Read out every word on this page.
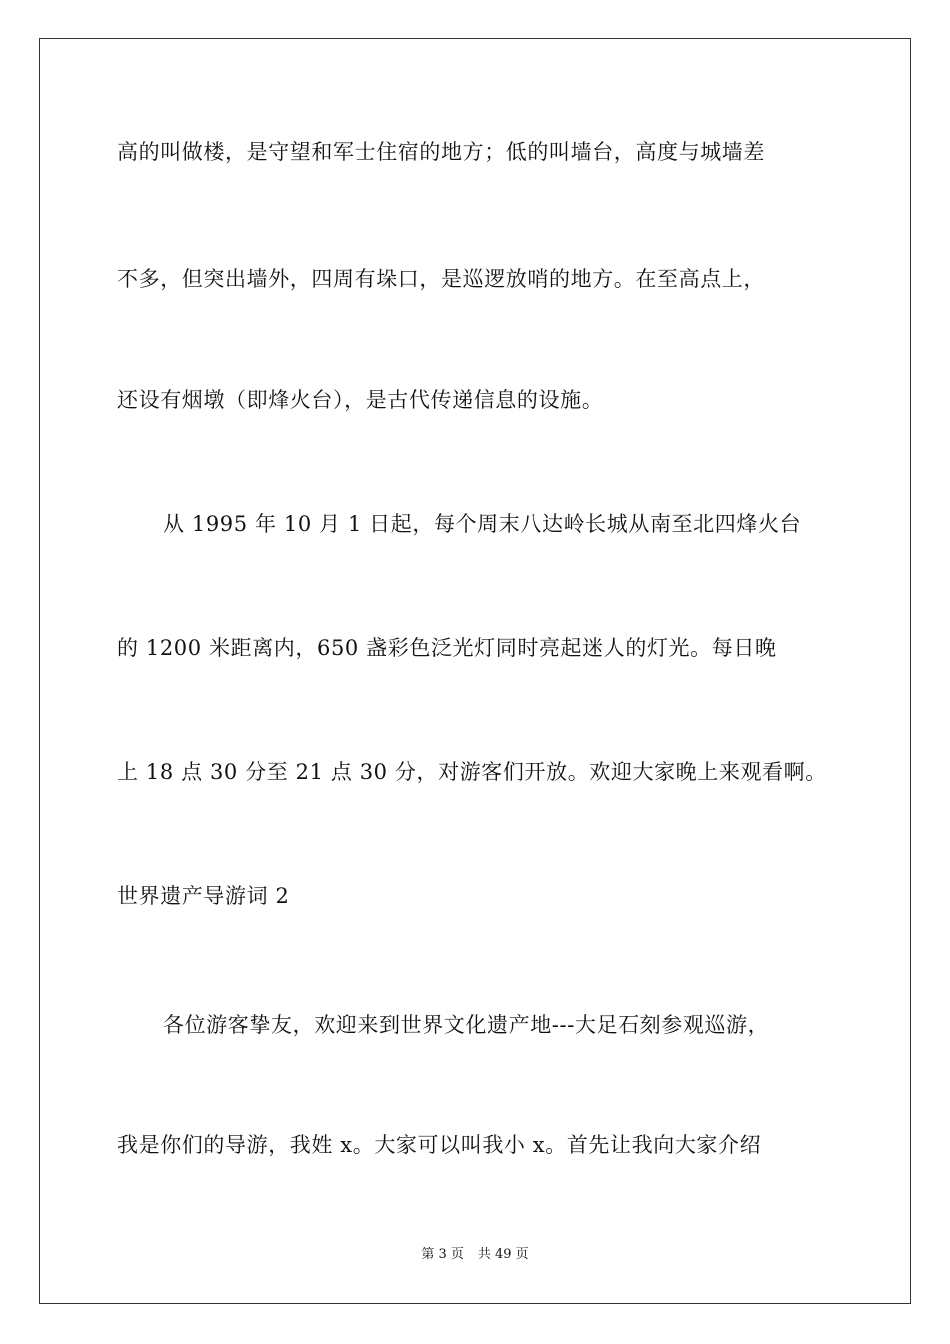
高的叫做楼，是守望和军士住宿的地方；低的叫墙台，高度与城墙差
不多，但突出墙外，四周有垛口，是巡逻放哨的地方。在至高点上，
还设有烟墩（即烽火台），是古代传递信息的设施。
从 1995 年 10 月 1 日起，每个周末八达岭长城从南至北四烽火台
的 1200 米距离内，650 盏彩色泛光灯同时亮起迷人的灯光。每日晚
上 18 点 30 分至 21 点 30 分，对游客们开放。欢迎大家晚上来观看啊。
世界遗产导游词 2
各位游客挚友，欢迎来到世界文化遗产地---大足石刻参观巡游，
我是你们的导游，我姓 x。大家可以叫我小 x。首先让我向大家介绍
第 3 页 共 49 页
